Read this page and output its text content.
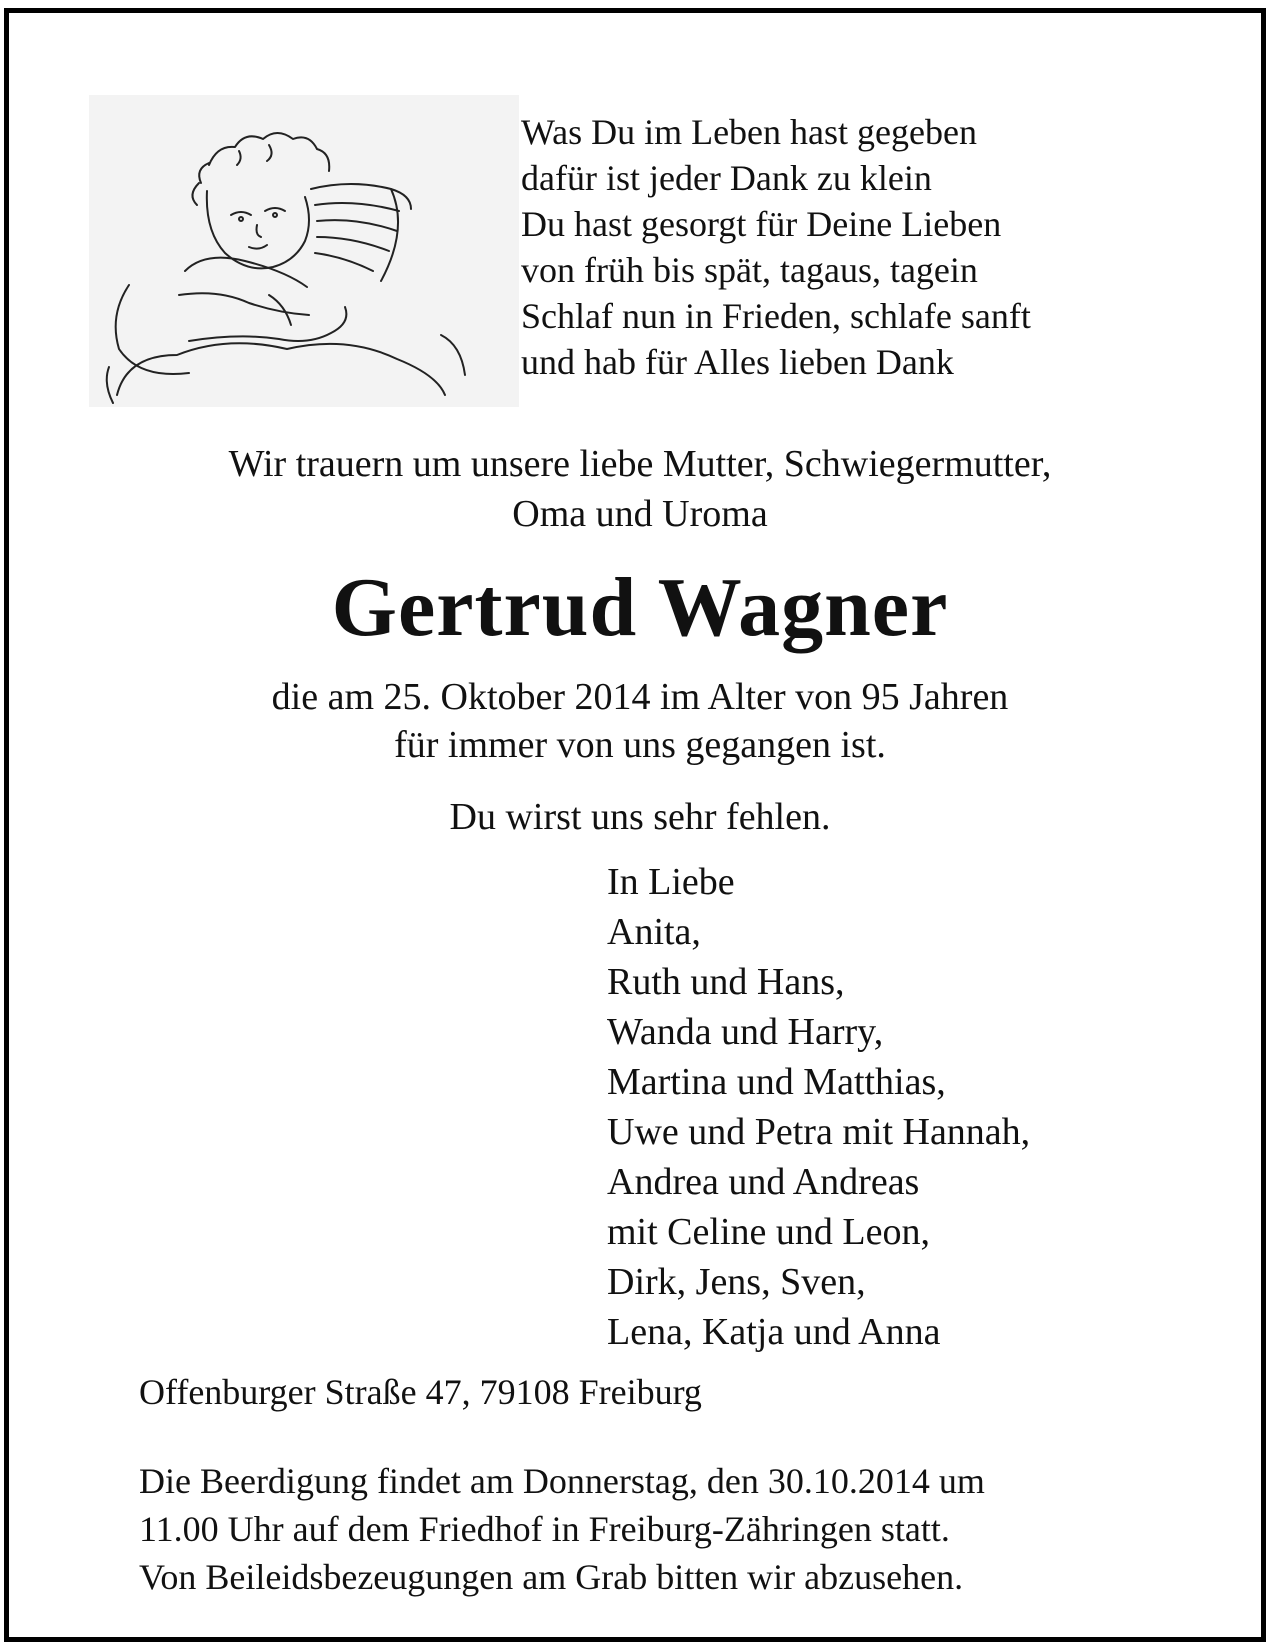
Was Du im Leben hast gegeben
dafür ist jeder Dank zu klein
Du hast gesorgt für Deine Lieben
von früh bis spät, tagaus, tagein
Schlaf nun in Frieden, schlafe sanft
und hab für Alles lieben Dank
Wir trauern um unsere liebe Mutter, Schwiegermutter,
Oma und Uroma
Gertrud Wagner
die am 25. Oktober 2014 im Alter von 95 Jahren
für immer von uns gegangen ist.
Du wirst uns sehr fehlen.
In Liebe
Anita,
Ruth und Hans,
Wanda und Harry,
Martina und Matthias,
Uwe und Petra mit Hannah,
Andrea und Andreas
mit Celine und Leon,
Dirk, Jens, Sven,
Lena, Katja und Anna
Offenburger Straße 47, 79108 Freiburg
Die Beerdigung findet am Donnerstag, den 30.10.2014 um
11.00 Uhr auf dem Friedhof in Freiburg-Zähringen statt.
Von Beileidsbezeugungen am Grab bitten wir abzusehen.
